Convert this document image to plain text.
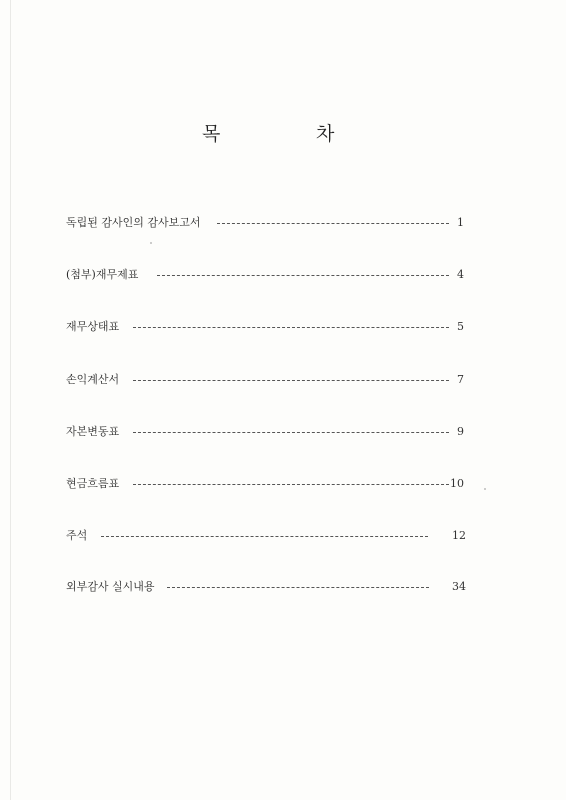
목	차
독립된 감사인의 감사보고서	1
(첨부)재무제표	4
재무상태표	5
손익계산서	7
자본변동표	9
현금흐름표	10
주석	12
외부감사 실시내용	34
